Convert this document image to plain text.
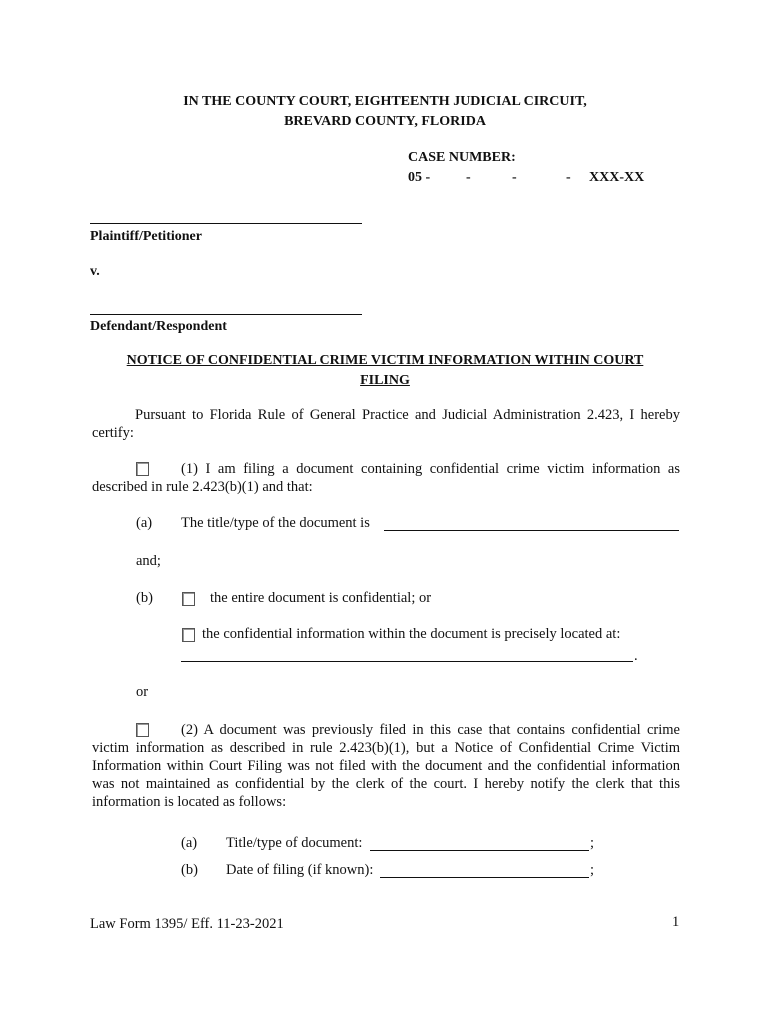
IN THE COUNTY COURT, EIGHTEENTH JUDICIAL CIRCUIT,
BREVARD COUNTY, FLORIDA
CASE NUMBER:
05 -	-	-	- XXX-XX
Plaintiff/Petitioner
v.
Defendant/Respondent
NOTICE OF CONFIDENTIAL CRIME VICTIM INFORMATION WITHIN COURT
FILING
Pursuant to Florida Rule of General Practice and Judicial Administration 2.423, I hereby certify:
(1) I am filing a document containing confidential crime victim information as described in rule 2.423(b)(1) and that:
(a) The title/type of the document is
and;
(b)	the entire document is confidential; or
the confidential information within the document is precisely located at:
.
or
(2) A document was previously filed in this case that contains confidential crime victim information as described in rule 2.423(b)(1), but a Notice of Confidential Crime Victim Information within Court Filing was not filed with the document and the confidential information was not maintained as confidential by the clerk of the court. I hereby notify the clerk that this information is located as follows:
(a) Title/type of document:	;
(b) Date of filing (if known):	;
Law Form 1395/ Eff. 11-23-2021	1
